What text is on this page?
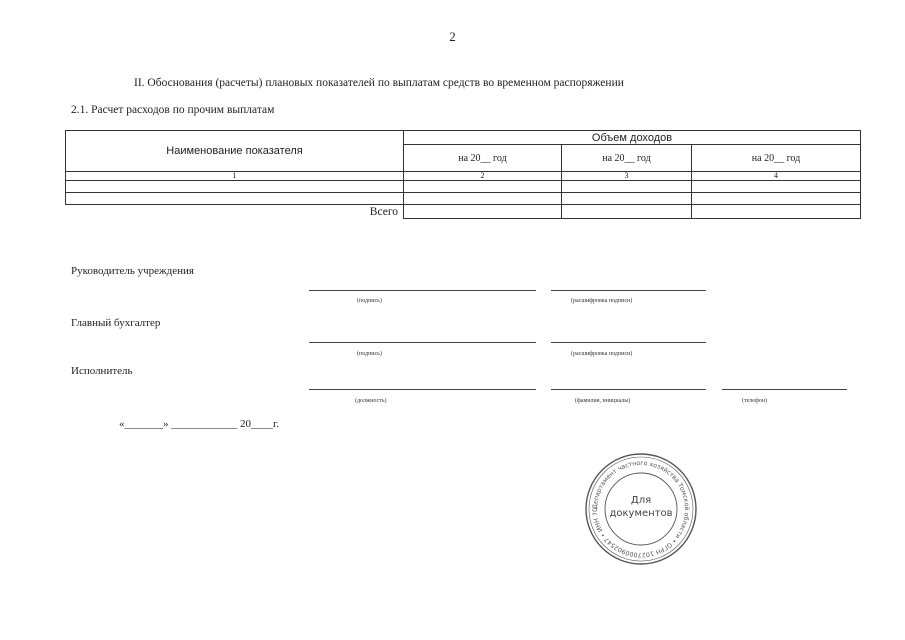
2
II. Обоснования (расчеты) плановых показателей по выплатам средств во временном распоряжении
2.1. Расчет расходов по прочим выплатам
Наименование показателя	Объем доходов		
	на 20__ год	на 20__ год	на 20__ год
1	2	3	4

Всего			
Руководитель учреждения
(подпись)	(расшифровка подписи)
Главный бухгалтер
(подпись)	(расшифровка подписи)
Исполнитель
(должность)	(фамилия, инициалы)	(телефон)
«_______» ____________ 20____г.
Департамент частного хозяйства Томской области • ОГРН 1027000902547 • ИНН 70
Для
документов
